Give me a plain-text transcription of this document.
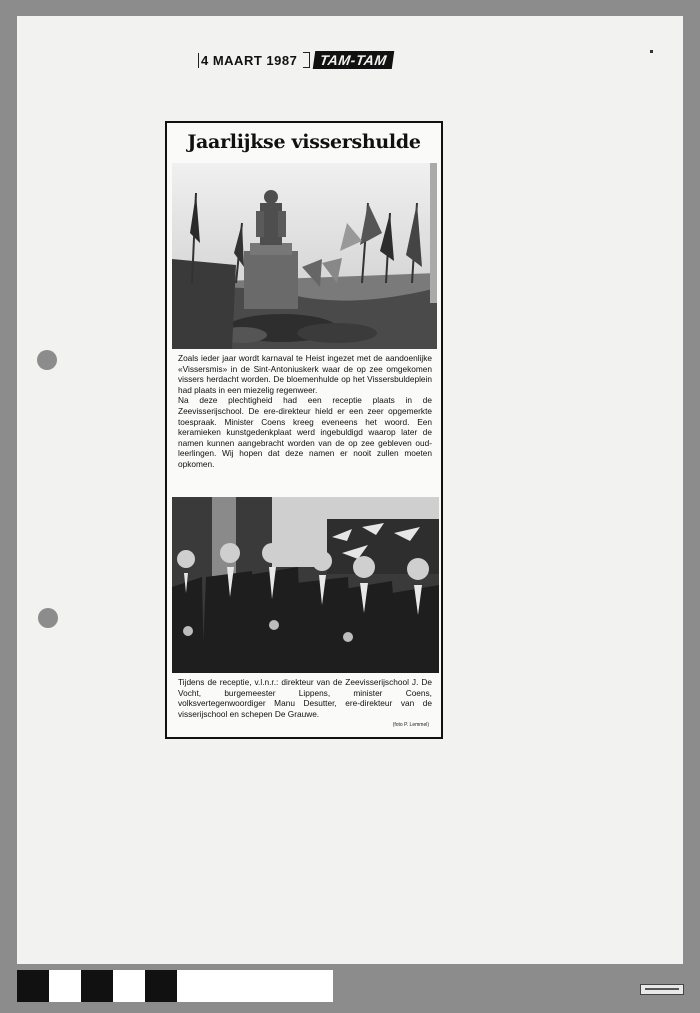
4 MAART 1987	TAM-TAM
Jaarlijkse vissershulde

Zoals ieder jaar wordt karnaval te Heist ingezet met de aandoenlijke «Vissersmis» in de Sint-Antoniuskerk waar de op zee omgekomen vissers herdacht worden. De bloemenhulde op het Vissersbuldeplein had plaats in een miezelig regenweer.

Na deze plechtigheid had een receptie plaats in de Zeevisserijschool. De ere-direkteur hield er een zeer opgemerkte toespraak. Minister Coens kreeg eveneens het woord. Een keramieken kunstgedenkplaat werd ingebuldigd waarop later de namen kunnen aangebracht worden van de op zee gebleven oud-leerlingen. Wij hopen dat deze namen er nooit zullen moeten opkomen.

Tijdens de receptie, v.l.n.r.: direkteur van de Zeevisserijschool J. De Vocht, burgemeester Lippens, minister Coens, volksvertegenwoordiger Manu Desutter, ere-direkteur van de visserijschool en schepen De Grauwe.
(foto P. Lemmel)
